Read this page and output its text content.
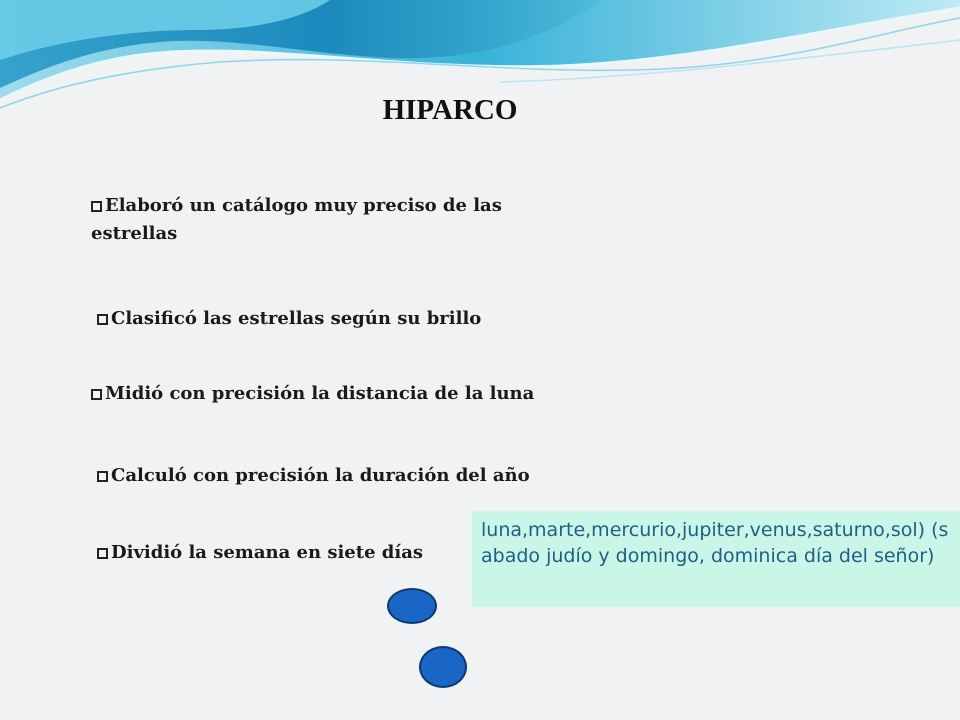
HIPARCO
Elaboró un catálogo muy preciso de las estrellas
Clasificó las estrellas según su brillo
Midió con precisión la distancia de la luna
Calculó con precisión la duración del año
Dividió la semana en siete días
luna,marte,mercurio,jupiter,venus,saturno,sol) (sabado judío y domingo, dominica día del señor)
